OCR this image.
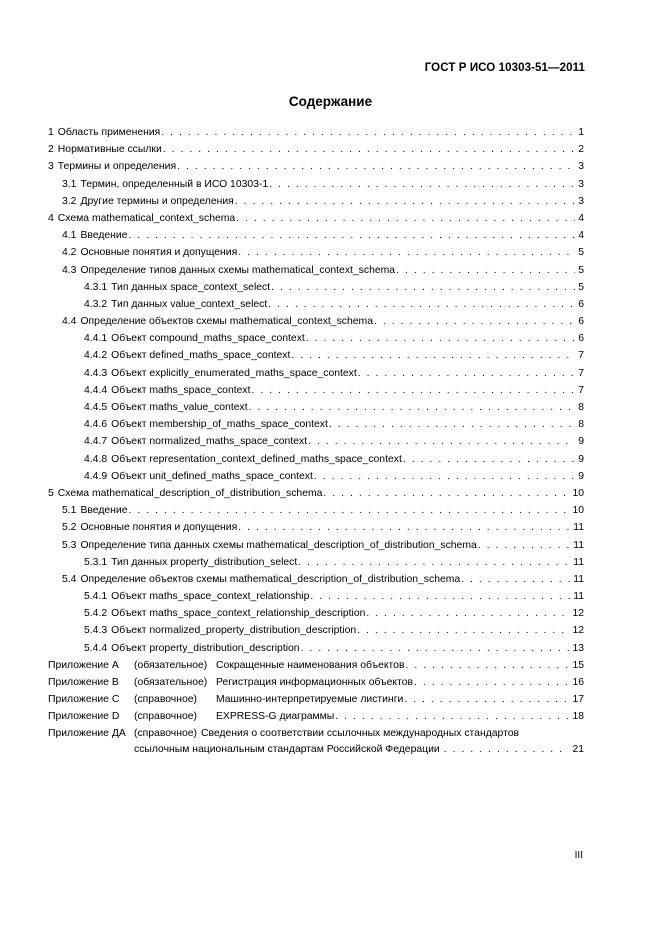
ГОСТ Р ИСО 10303-51—2011
Содержание
1 Область применения . . .	1
2 Нормативные ссылки . . .	2
3 Термины и определения . . .	3
3.1 Термин, определенный в ИСО 10303-1 . . .	3
3.2 Другие термины и определения . . .	3
4 Схема mathematical_context_schema . . .	4
4.1 Введение . . .	4
4.2 Основные понятия и допущения . . .	5
4.3 Определение типов данных схемы mathematical_context_schema . . .	5
4.3.1 Тип данных space_context_select . . .	5
4.3.2 Тип данных value_context_select . . .	6
4.4 Определение объектов схемы mathematical_context_schema . . .	6
4.4.1 Объект compound_maths_space_context . . .	6
4.4.2 Объект defined_maths_space_context . . .	7
4.4.3 Объект explicitly_enumerated_maths_space_context . . .	7
4.4.4 Объект maths_space_context . . .	7
4.4.5 Объект maths_value_context . . .	8
4.4.6 Объект membership_of_maths_space_context . . .	8
4.4.7 Объект normalized_maths_space_context . . .	9
4.4.8 Объект representation_context_defined_maths_space_context . . .	9
4.4.9 Объект unit_defined_maths_space_context . . .	9
5 Схема mathematical_description_of_distribution_schema . . .	10
5.1 Введение . . .	10
5.2 Основные понятия и допущения . . .	11
5.3 Определение типа данных схемы mathematical_description_of_distribution_schema . . .	11
5.3.1 Тип данных property_distribution_select . . .	11
5.4 Определение объектов схемы mathematical_description_of_distribution_schema . . .	11
5.4.1 Объект maths_space_context_relationship . . .	11
5.4.2 Объект maths_space_context_relationship_description . . .	12
5.4.3 Объект normalized_property_distribution_description . . .	12
5.4.4 Объект property_distribution_description . . .	13
Приложение А	(обязательное) Сокращенные наименования объектов . . .	15
Приложение В	(обязательное) Регистрация информационных объектов . . .	16
Приложение С	(справочное)	Машинно-интерпретируемые листинги . . .	17
Приложение D	(справочное)	EXPRESS-G диаграммы . . .	18
Приложение ДА (справочное) Сведения о соответствии ссылочных международных стандартов
ссылочным национальным стандартам Российской Федерации . . .	21
III
